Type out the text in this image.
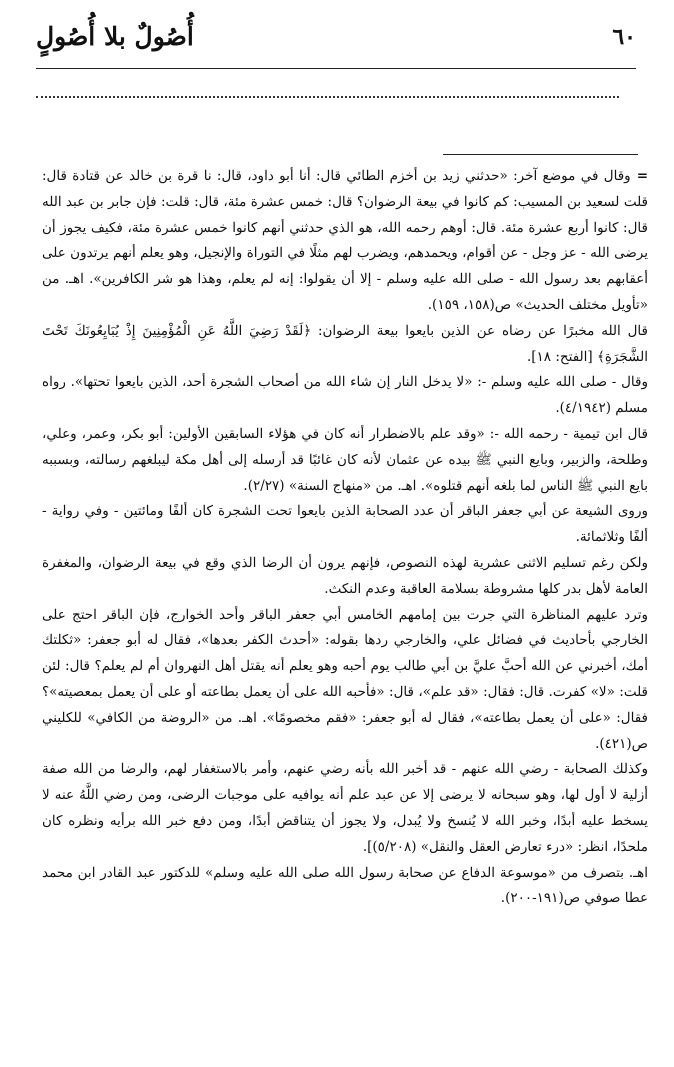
٦٠
أُصُولٌ بلا أُصُولٍ

=وقال في موضع آخر: «حدثني زيد بن أخزم الطائي قال: أنا أبو داود، قال: نا قرة بن خالد عن قتادة قال: قلت لسعيد بن المسيب: كم كانوا في بيعة الرضوان؟ قال: خمس عشرة مئة، قال: قلت: فإن جابر بن عبد الله قال: كانوا أربع عشرة مئة. قال: أوهم رحمه الله، هو الذي حدثني أنهم كانوا خمس عشرة مئة، فكيف يجوز أن يرضى الله - عز وجل - عن أقوام، ويحمدهم، ويضرب لهم مثلًا في التوراة والإنجيل، وهو يعلم أنهم يرتدون على أعقابهم بعد رسول الله - صلى الله عليه وسلم - إلا أن يقولوا: إنه لم يعلم، وهذا هو شر الكافرين». اهـ. من «تأويل مختلف الحديث» ص(١٥٨، ١٥٩).

قال الله مخبرًا عن رضاه عن الذين بايعوا بيعة الرضوان: ﴿لَقَدْ رَضِيَ اللَّهُ عَنِ الْمُؤْمِنِينَ إِذْ يُبَايِعُونَكَ تَحْتَ الشَّجَرَةِ﴾ [الفتح: ١٨].

وقال - صلى الله عليه وسلم -: «لا يدخل النار إن شاء الله من أصحاب الشجرة أحد، الذين بايعوا تحتها». رواه مسلم (٤/١٩٤٢).

قال ابن تيمية - رحمه الله -: «وقد علم بالاضطرار أنه كان في هؤلاء السابقين الأولين: أبو بكر، وعمر، وعلي، وطلحة، والزبير، وبايع النبي ﷺ بيده عن عثمان لأنه كان غائبًا قد أرسله إلى أهل مكة ليبلغهم رسالته، وبسببه بايع النبي ﷺ الناس لما بلغه أنهم قتلوه». اهـ. من «منهاج السنة» (٢/٢٧).

وروى الشيعة عن أبي جعفر الباقر أن عدد الصحابة الذين بايعوا تحت الشجرة كان ألفًا ومائتين - وفي رواية - ألفًا وثلاثمائة.

ولكن رغم تسليم الاثنى عشرية لهذه النصوص، فإنهم يرون أن الرضا الذي وقع في بيعة الرضوان، والمغفرة العامة لأهل بدر كلها مشروطة بسلامة العاقبة وعدم النكث.

وترد عليهم المناظرة التي جرت بين إمامهم الخامس أبي جعفر الباقر وأحد الخوارج، فإن الباقر احتج على الخارجي بأحاديث في فضائل علي، والخارجي ردها بقوله: «أحدث الكفر بعدها»، فقال له أبو جعفر: «ثكلتك أمك، أخبرني عن الله أحبَّ عليَّ بن أبي طالب يوم أحبه وهو يعلم أنه يقتل أهل النهروان أم لم يعلم؟ قال: لئن قلت: «لا» كفرت. قال: فقال: «قد علم»، قال: «فأحبه الله على أن يعمل بطاعته أو على أن يعمل بمعصيته»؟ فقال: «على أن يعمل بطاعته»، فقال له أبو جعفر: «فقم مخصومًا». اهـ. من «الروضة من الكافي» للكليني ص(٤٢١).

وكذلك الصحابة - رضي الله عنهم - قد أخبر الله بأنه رضي عنهم، وأمر بالاستغفار لهم، والرضا من الله صفة أزلية لا أول لها، وهو سبحانه لا يرضى إلا عن عبد علم أنه يوافيه على موجبات الرضى، ومن رضي اللَّهُ عنه لا يسخط عليه أبدًا، وخبر الله لا يُنسخ ولا يُبدل، ولا يجوز أن يتناقض أبدًا، ومن دفع خبر الله برأيه ونظره كان ملحدًا، انظر: «درء تعارض العقل والنقل» (٥/٢٠٨)].

اهـ. بتصرف من «موسوعة الدفاع عن صحابة رسول الله صلى الله عليه وسلم» للدكتور عبد القادر ابن محمد عطا صوفي ص(١٩١-٢٠٠).
